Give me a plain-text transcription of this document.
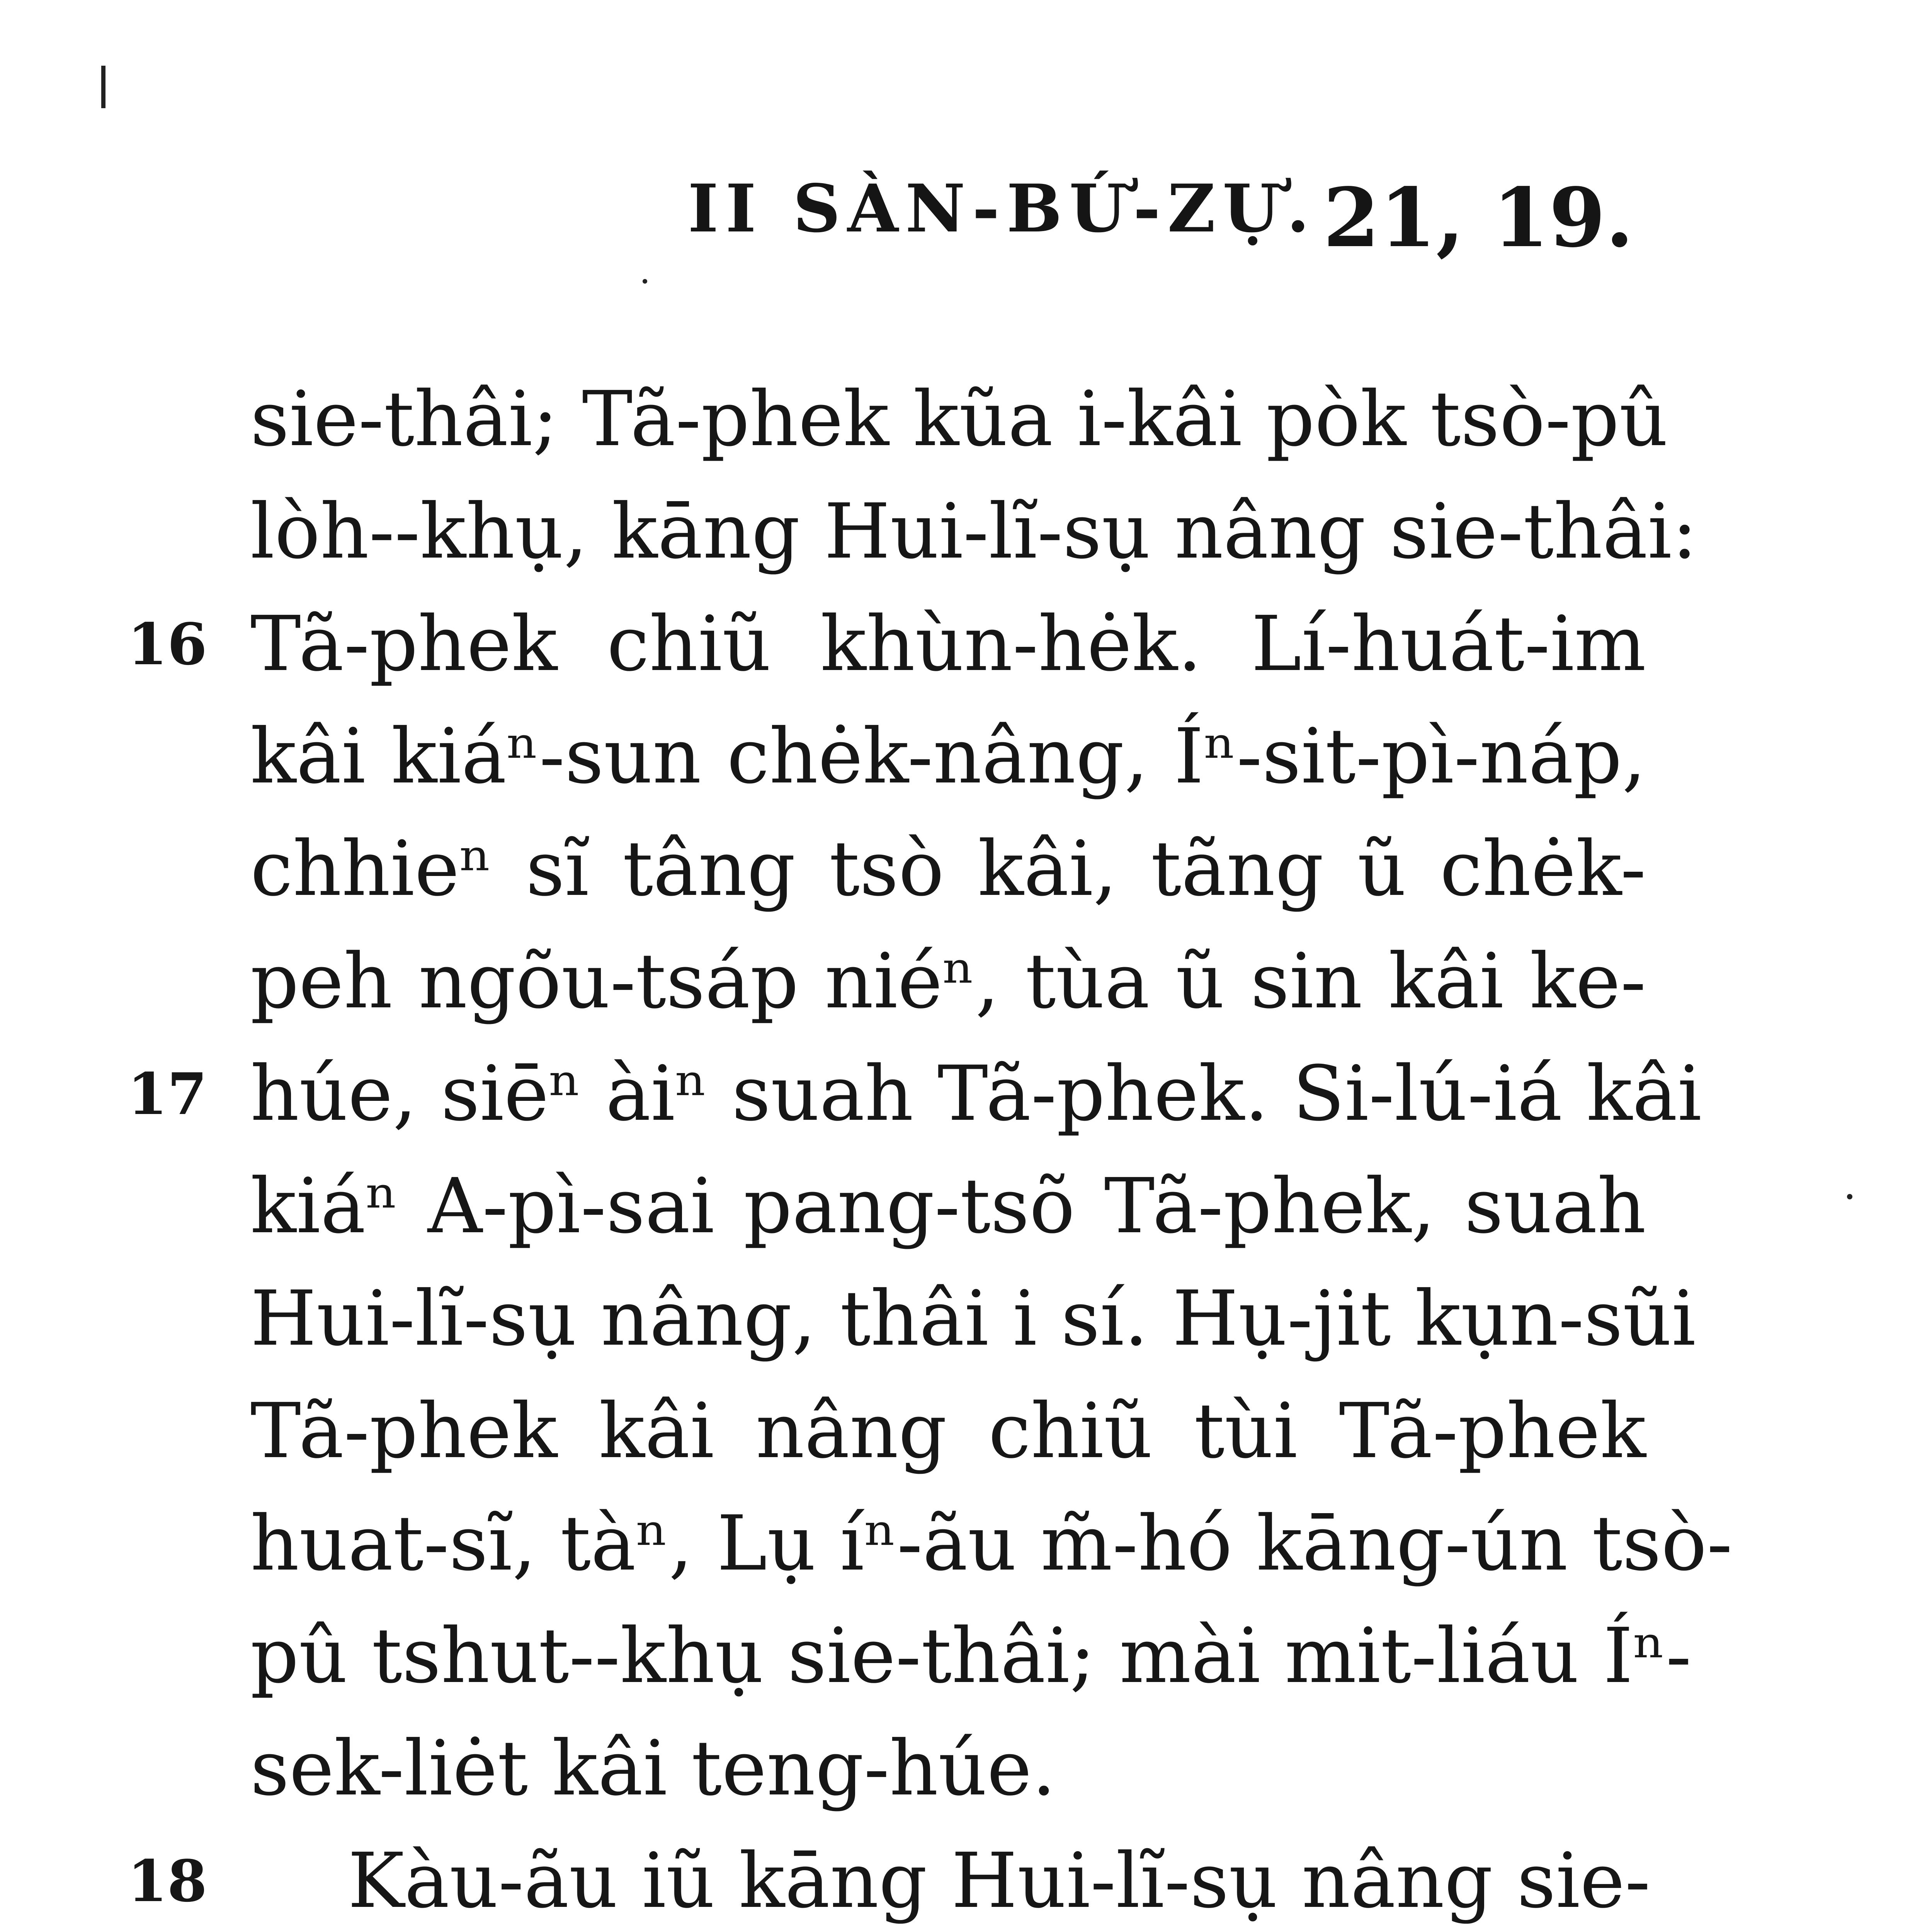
II SÀN-BỨ-ZỰ. 21, 19.
sie-thâi; Tã-phek kũa i-kâi pòk tsò-pû
lòh--khụ, kāng Hui-lĩ-sụ nâng sie-thâi:
16 Tã-phek chiũ khùn-hėk. Lí-huát-im
kâi kiáⁿ-sun chėk-nâng, Íⁿ-sit-pì-náp,
chhieⁿ sĩ tâng tsò kâi, tãng ũ chėk-
peh ngõu-tsáp niéⁿ, tùa ũ sin kâi ke-
17 húe, siēⁿ àiⁿ suah Tã-phek. Si-lú-iá kâi
kiáⁿ A-pì-sai pang-tsõ Tã-phek, suah
Hui-lĩ-sụ nâng, thâi i sí. Hụ-jit kụn-sũi
Tã-phek kâi nâng chiũ tùi Tã-phek
huat-sĩ, tàⁿ, Lụ íⁿ-ãu m̃-hó kāng-ún tsò-
pû tshut--khụ sie-thâi; mài mit-liáu Íⁿ-
sek-liėt kâi teng-húe.
18	Kàu-ãu iũ kāng Hui-lĩ-sụ nâng sie-
